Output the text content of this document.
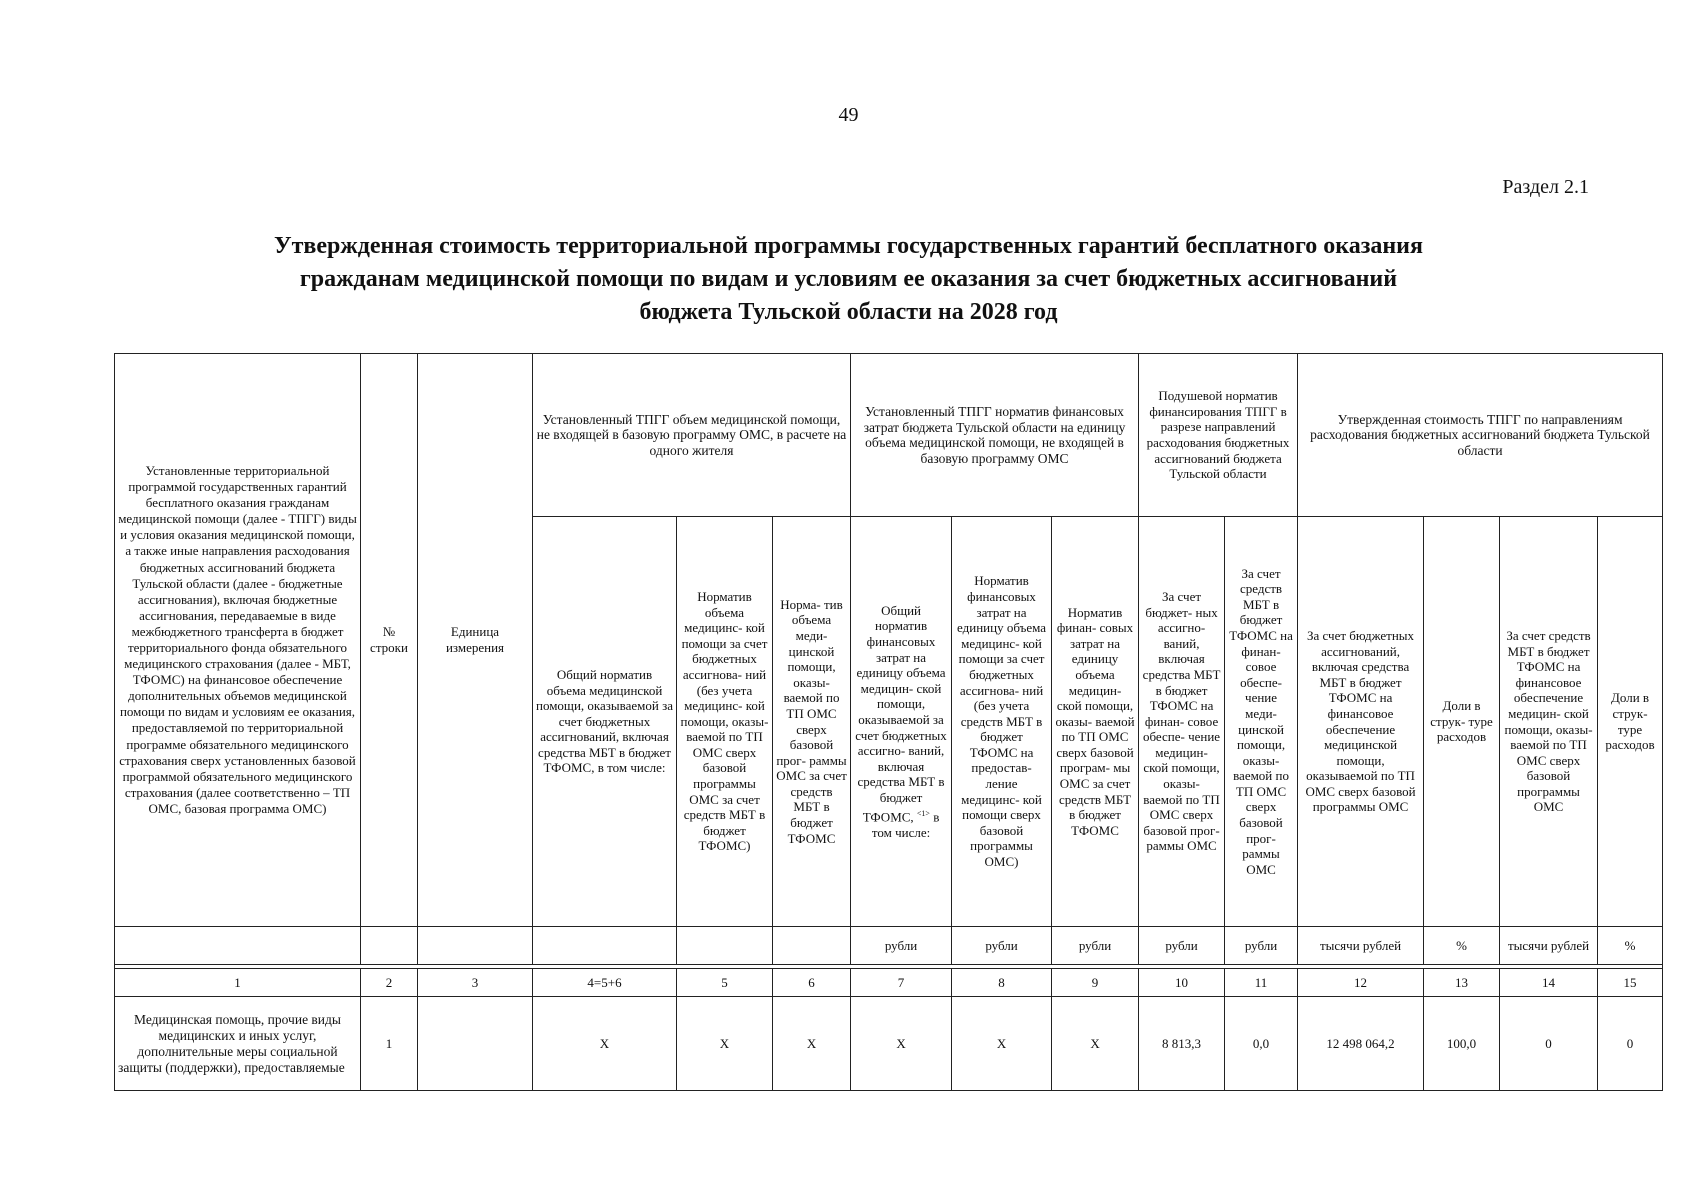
49
Раздел 2.1
Утвержденная стоимость территориальной программы государственных гарантий бесплатного оказания
гражданам медицинской помощи по видам и условиям ее оказания за счет бюджетных ассигнований
бюджета Тульской области на 2028 год
Установленные территориальной программой государственных гарантий бесплатного оказания гражданам медицинской помощи (далее - ТПГГ) виды и условия оказания медицинской помощи, а также иные направления расходования бюджетных ассигнований бюджета Тульской области (далее - бюджетные ассигнования), включая бюджетные ассигнования, передаваемые в виде межбюджетного трансферта в бюджет территориального фонда обязательного медицинского страхования (далее - МБТ, ТФОМС) на финансовое обеспечение дополнительных объемов медицинской помощи по видам и условиям ее оказания, предоставляемой по территориальной программе обязательного медицинского страхования сверх установленных базовой программой обязательного медицинского страхования (далее соответственно – ТП ОМС, базовая программа ОМС)	№ строки	Единица измерения	Установленный ТПГГ объем медицинской помощи, не входящей в базовую программу ОМС, в расчете на одного жителя			Установленный ТПГГ норматив финансовых затрат бюджета Тульской области на единицу объема медицинской помощи, не входящей в базовую программу ОМС			Подушевой норматив финансирования ТПГГ в разрезе направлений расходования бюджетных ассигнований бюджета Тульской области		Утвержденная стоимость ТПГГ по направлениям расходования бюджетных ассигнований бюджета Тульской области			
			Общий норматив объема медицинской помощи, оказываемой за счет бюджетных ассигнований, включая средства МБТ в бюджет ТФОМС, в том числе:	Норматив объема медицинс- кой помощи за счет бюджетных ассигнова- ний (без учета медицинс- кой помощи, оказы- ваемой по ТП ОМС сверх базовой программы ОМС за счет средств МБТ в бюджет ТФОМС)	Норма- тив объема меди- цинской помощи, оказы- ваемой по ТП ОМС сверх базовой прог- раммы ОМС за счет средств МБТ в бюджет ТФОМС	Общий норматив финансовых затрат на единицу объема медицин- ской помощи, оказываемой за счет бюджетных ассигно- ваний, включая средства МБТ в бюджет ТФОМС, $^{<1>}$ в том числе:	Норматив финансовых затрат на единицу объема медицинс- кой помощи за счет бюджетных ассигнова- ний (без учета средств МБТ в бюджет ТФОМС на предостав- ление медицинс- кой помощи сверх базовой программы ОМС)	Норматив финан- совых затрат на единицу объема медицин- ской помощи, оказы- ваемой по ТП ОМС сверх базовой програм- мы ОМС за счет средств МБТ в бюджет ТФОМС	За счет бюджет- ных ассигно- ваний, включая средства МБТ в бюджет ТФОМС на финан- совое обеспе- чение медицин- ской помощи, оказы- ваемой по ТП ОМС сверх базовой прог- раммы ОМС	За счет средств МБТ в бюджет ТФОМС на финан- совое обеспе- чение меди- цинской помощи, оказы- ваемой по ТП ОМС сверх базовой прог- раммы ОМС	За счет бюджетных ассигнований, включая средства МБТ в бюджет ТФОМС на финансовое обеспечение медицинской помощи, оказываемой по ТП ОМС сверх базовой программы ОМС	Доли в струк- туре расходов	За счет средств МБТ в бюджет ТФОМС на финансовое обеспечение медицин- ской помощи, оказы- ваемой по ТП ОМС сверх базовой программы ОМС	Доли в струк- туре расходов
						рубли	рубли	рубли	рубли	рубли	тысячи рублей	%	тысячи рублей	%

1	2	3	4=5+6	5	6	7	8	9	10	11	12	13	14	15
Медицинская помощь, прочие виды медицинских и иных услуг, дополнительные меры социальной защиты (поддержки), предоставляемые	1		X	X	X	X	X	X	8 813,3	0,0	12 498 064,2	100,0	0	0
